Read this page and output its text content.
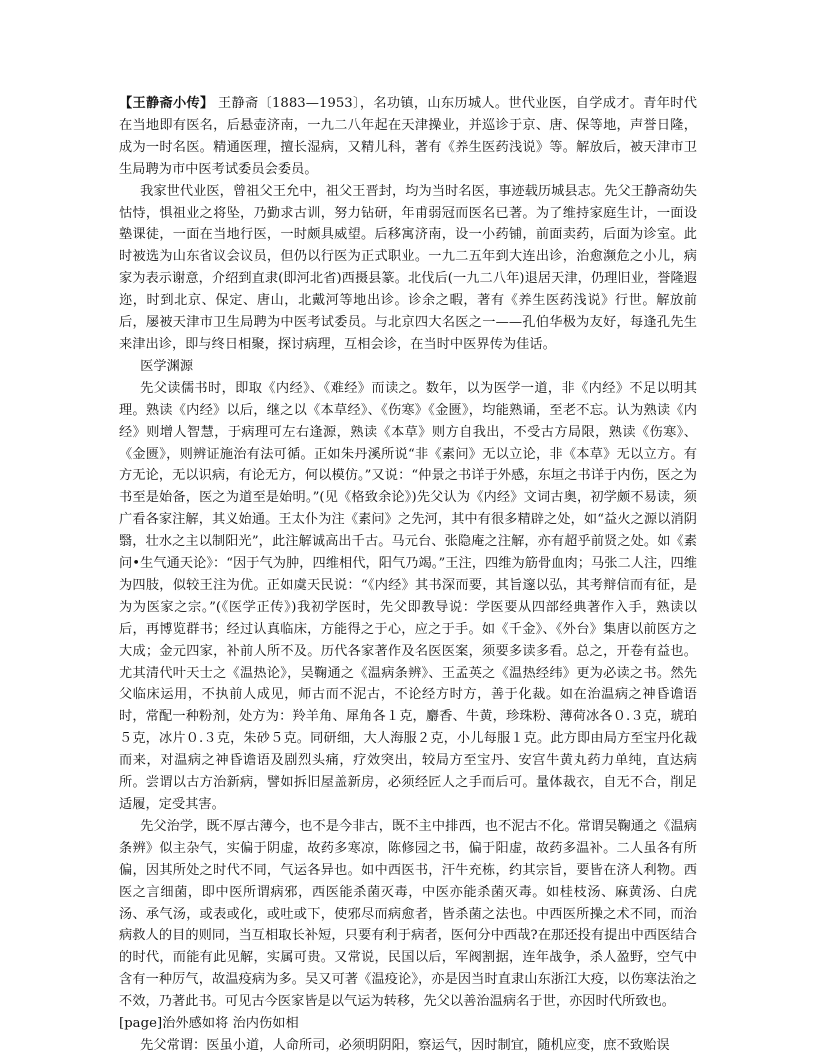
【王静斋小传】 王静斋〔1883—1953〕，名功镇，山东历城人。世代业医，自学成才。青年时代在当地即有医名，后悬壶济南，一九二八年起在天津操业，并巡诊于京、唐、保等地，声誉日隆，成为一时名医。精通医理，擅长湿病，又精儿科，著有《养生医药浅说》等。解放后，被天津市卫生局聘为市中医考试委员会委员。

我家世代业医，曾祖父王允中，祖父王晋封，均为当时名医，事迹载历城县志。先父王静斋幼失怙恃，惧祖业之将坠，乃勤求古训，努力钻研，年甫弱冠而医名已著。为了维持家庭生计，一面设塾课徒，一面在当地行医，一时颇具威望。后移寓济南，设一小药铺，前面卖药，后面为诊室。此时被选为山东省议会议员，但仍以行医为正式职业。一九二五年到大连出诊，治愈濒危之小儿，病家为表示谢意，介绍到直隶(即河北省)西摄县篆。北伐后(一九二八年)退居天津，仍理旧业，誉隆遐迩，时到北京、保定、唐山，北戴河等地出诊。诊余之暇，著有《养生医药浅说》行世。解放前后，屡被天津市卫生局聘为中医考试委员。与北京四大名医之一——孔伯华极为友好，每逢孔先生来津出诊，即与终日相聚，探讨病理，互相会诊，在当时中医界传为佳话。

医学渊源

先父读儒书时，即取《内经》、《难经》而读之。数年，以为医学一道，非《内经》不足以明其理。熟读《内经》以后，继之以《本草经》、《伤寒》《金匮》，均能熟诵，至老不忘。认为熟读《内经》则增人智慧，于病理可左右逢源，熟读《本草》则方自我出，不受古方局限，熟读《伤寒》、《金匮》，则辨证施治有法可循。正如朱丹溪所说“非《素问》无以立论，非《本草》无以立方。有方无论，无以识病，有论无方，何以模仿。”又说：“仲景之书详于外感，东垣之书详于内伤，医之为书至是始备，医之为道至是始明。”(见《格致余论》)先父认为《内经》文词古奥，初学颇不易读，须广看各家注解，其义始通。王太仆为注《素问》之先河，其中有很多精辟之处，如“益火之源以消阴翳，壮水之主以制阳光”，此注解诚高出千古。马元台、张隐庵之注解，亦有超乎前贤之处。如《素问•生气通天论》：“因于气为肿，四维相代，阳气乃竭。”王注，四维为筋骨血肉；马张二人注，四维为四肢，似较王注为优。正如虞天民说：“《内经》其书深而要，其旨邃以弘，其考辩信而有征，是为为医家之宗。”(《医学正传》)我初学医时，先父即教导说：学医要从四部经典著作入手，熟读以后，再博览群书；经过认真临床，方能得之于心，应之于手。如《千金》、《外台》集唐以前医方之大成；金元四家，补前人所不及。历代各家著作及名医医案，须要多读多看。总之，开卷有益也。尤其清代叶天士之《温热论》，吴鞠通之《温病条辨》、王孟英之《温热经纬》更为必读之书。然先父临床运用，不执前人成见，师古而不泥古，不论经方时方，善于化裁。如在治温病之神昏谵语时，常配一种粉剂，处方为：羚羊角、犀角各１克，麝香、牛黄，珍珠粉、薄荷冰各０.３克，琥珀５克，冰片０.３克，朱砂５克。同研细，大人海服２克，小儿每服１克。此方即由局方至宝丹化裁而来，对温病之神昏谵语及剧烈头痛，疗效突出，较局方至宝丹、安宫牛黄丸药力单纯，直达病所。尝谓以古方治新病，譬如拆旧屋盖新房，必须经匠人之手而后可。量体裁衣，自无不合，削足适履，定受其害。

先父治学，既不厚古薄今，也不是今非古，既不主中排西，也不泥古不化。常谓吴鞠通之《温病条辨》似主杂气，实偏于阴虚，故药多寒凉，陈修园之书，偏于阳虚，故药多温补。二人虽各有所偏，因其所处之时代不同，气运各异也。如中西医书，汗牛充栋，约其宗旨，要皆在济人利物。西医之言细菌，即中医所谓病邪，西医能杀菌灭毒，中医亦能杀菌灭毒。如桂枝汤、麻黄汤、白虎汤、承气汤，或表或化，或吐或下，使邪尽而病愈者，皆杀菌之法也。中西医所操之术不同，而治病救人的目的则同，当互相取长补短，只要有利于病者，医何分中西哉?在那还投有提出中西医结合的时代，而能有此见解，实属可贵。又常说，民国以后，军阀割据，连年战争，杀人盈野，空气中含有一种厉气，故温疫病为多。吴又可著《温疫论》，亦是因当时直隶山东浙江大疫，以伤寒法治之不效，乃著此书。可见古今医家皆是以气运为转移，先父以善治温病名于世，亦因时代所致也。

[page]治外感如将 治内伤如相

先父常谓：医虽小道，人命所司，必须明阴阳，察运气，因时制宜，随机应变，庶不致贻误
